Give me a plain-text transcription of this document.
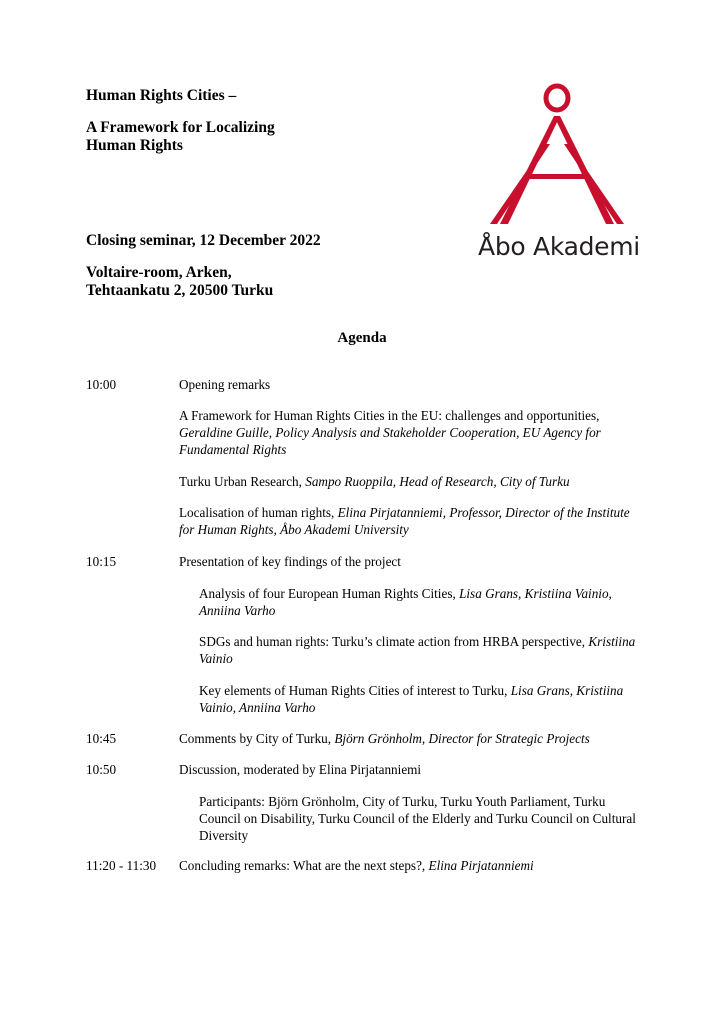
Human Rights Cities –

A Framework for Localizing

Human Rights

Closing seminar, 12 December 2022

Voltaire-room, Arken,

Tehtaankatu 2, 20500 Turku

Åbo Akademi
Agenda
10:00	Opening remarks
A Framework for Human Rights Cities in the EU: challenges and opportunities, Geraldine Guille, Policy Analysis and Stakeholder Cooperation, EU Agency for Fundamental Rights
Turku Urban Research, Sampo Ruoppila, Head of Research, City of Turku
Localisation of human rights, Elina Pirjatanniemi, Professor, Director of the Institute for Human Rights, Åbo Akademi University
10:15	Presentation of key findings of the project
Analysis of four European Human Rights Cities, Lisa Grans, Kristiina Vainio, Anniina Varho
SDGs and human rights: Turku’s climate action from HRBA perspective, Kristiina Vainio
Key elements of Human Rights Cities of interest to Turku, Lisa Grans, Kristiina Vainio, Anniina Varho
10:45	Comments by City of Turku, Björn Grönholm, Director for Strategic Projects
10:50	Discussion, moderated by Elina Pirjatanniemi
Participants: Björn Grönholm, City of Turku, Turku Youth Parliament, Turku Council on Disability, Turku Council of the Elderly and Turku Council on Cultural Diversity
11:20 - 11:30	Concluding remarks: What are the next steps?, Elina Pirjatanniemi
